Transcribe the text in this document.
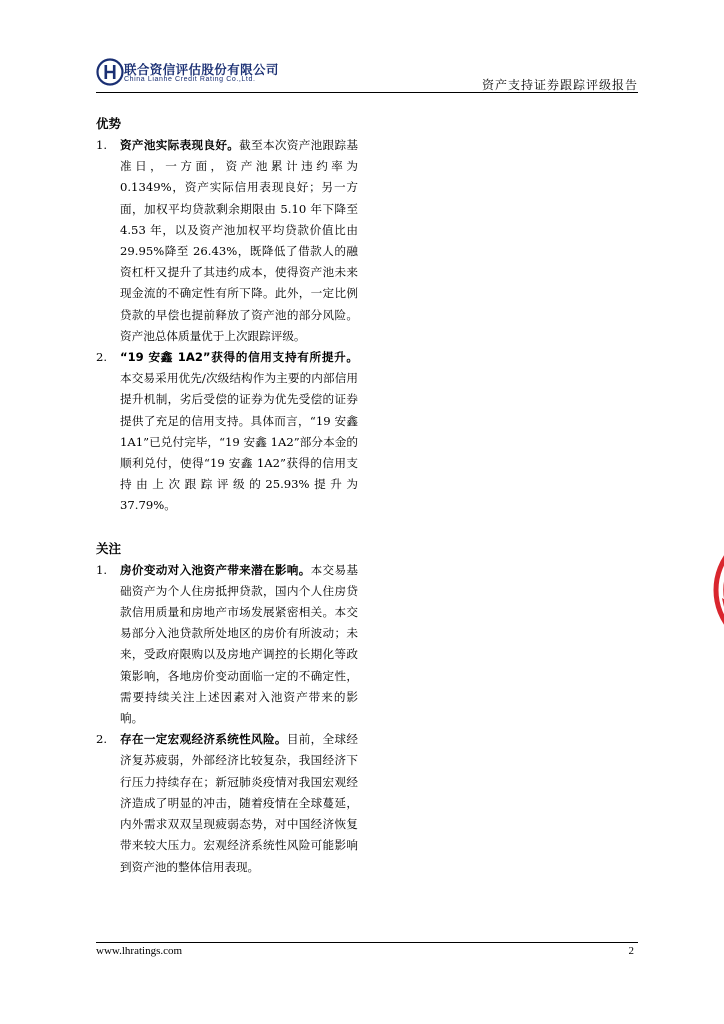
联合资信评估股份有限公司
China Lianhe Credit Rating Co.,Ltd.	资产支持证券跟踪评级报告
优势
1. 资产池实际表现良好。截至本次资产池跟踪基准日，一方面，资产池累计违约率为0.1349%，资产实际信用表现良好；另一方面，加权平均贷款剩余期限由 5.10 年下降至 4.53 年，以及资产池加权平均贷款价值比由 29.95%降至 26.43%，既降低了借款人的融资杠杆又提升了其违约成本，使得资产池未来现金流的不确定性有所下降。此外，一定比例贷款的早偿也提前释放了资产池的部分风险。资产池总体质量优于上次跟踪评级。
2. “19 安鑫 1A2”获得的信用支持有所提升。本交易采用优先/次级结构作为主要的内部信用提升机制，劣后受偿的证券为优先受偿的证券提供了充足的信用支持。具体而言，“19 安鑫 1A1”已兑付完毕，“19 安鑫 1A2”部分本金的顺利兑付，使得“19 安鑫 1A2”获得的信用支持由上次跟踪评级的25.93%提升为 37.79%。
关注
1. 房价变动对入池资产带来潜在影响。本交易基础资产为个人住房抵押贷款，国内个人住房贷款信用质量和房地产市场发展紧密相关。本交易部分入池贷款所处地区的房价有所波动；未来，受政府限购以及房地产调控的长期化等政策影响，各地房价变动面临一定的不确定性，需要持续关注上述因素对入池资产带来的影响。
2. 存在一定宏观经济系统性风险。目前，全球经济复苏疲弱，外部经济比较复杂，我国经济下行压力持续存在；新冠肺炎疫情对我国宏观经济造成了明显的冲击，随着疫情在全球蔓延，内外需求双双呈现疲弱态势，对中国经济恢复带来较大压力。宏观经济系统性风险可能影响到资产池的整体信用表现。
www.lhratings.com	2
